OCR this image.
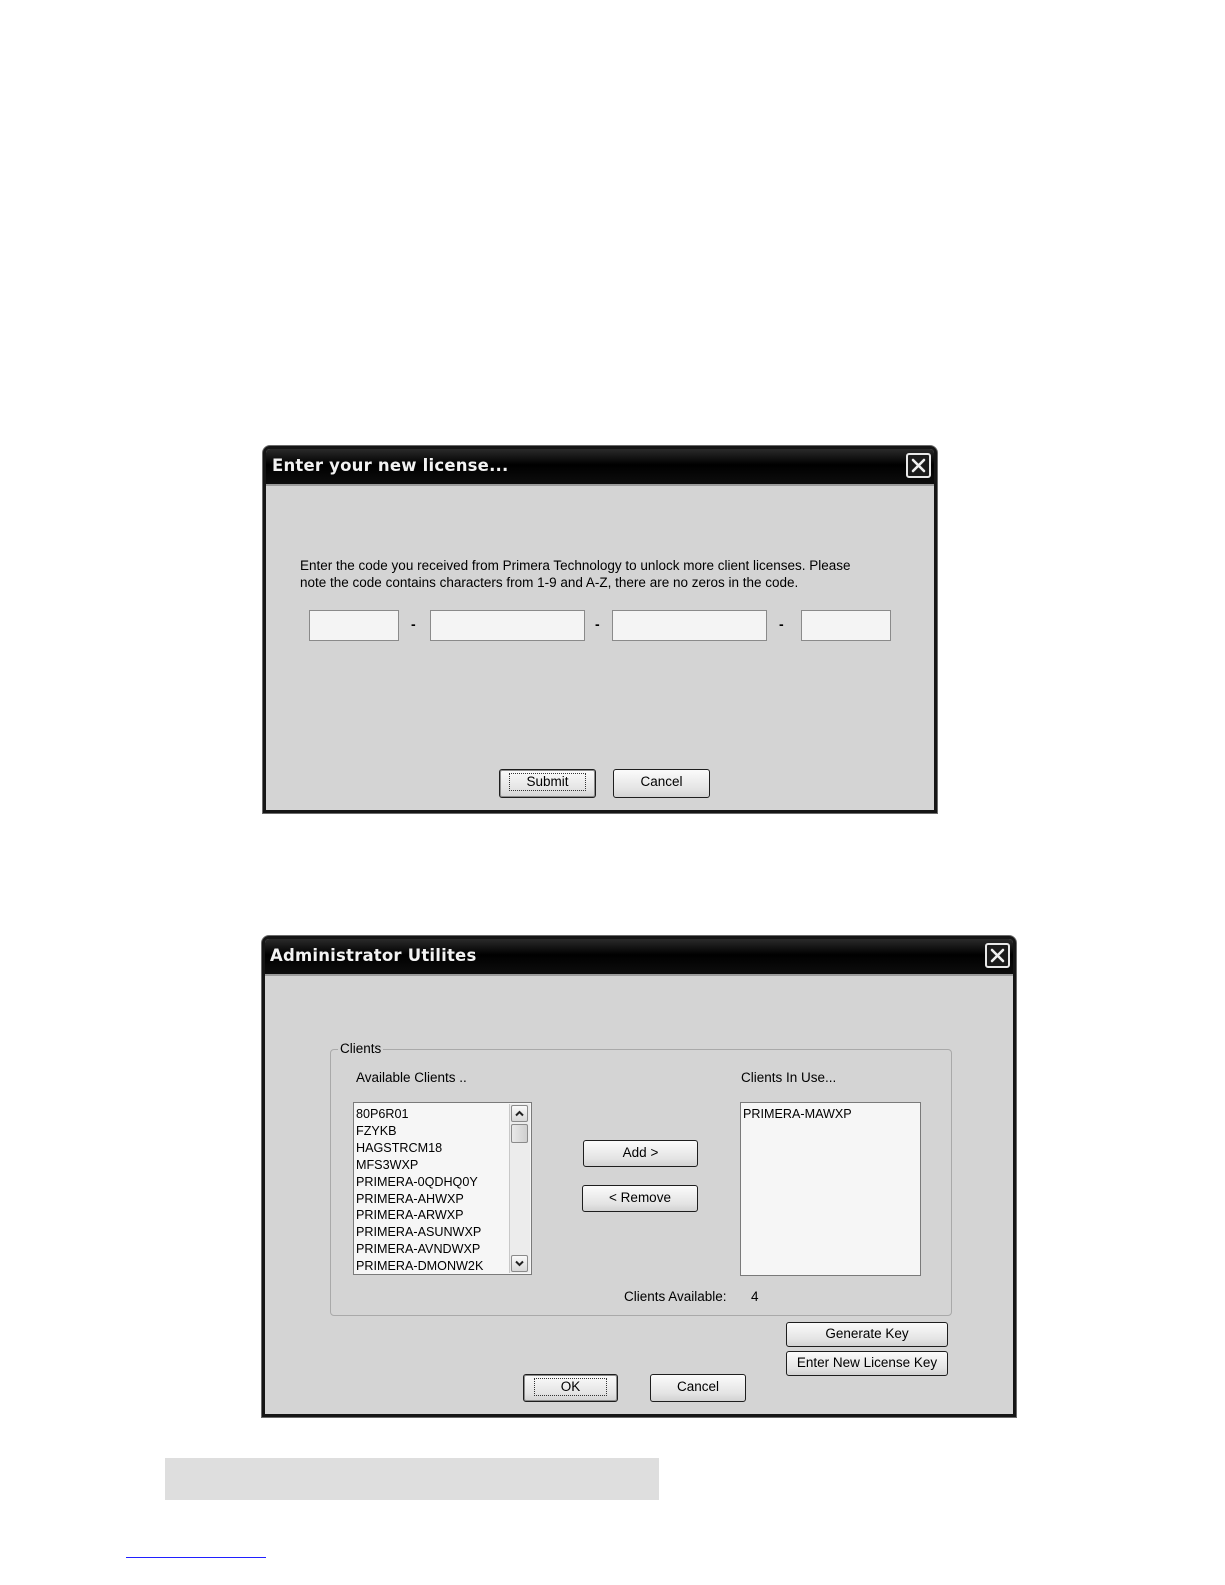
Enter your new license...
Enter the code you received from Primera Technology to unlock more client licenses. Please
note the code contains characters from 1-9 and A-Z, there are no zeros in the code.
-	-	-
Submit	Cancel
Administrator Utilites
Clients
Available Clients ..	Clients In Use...
80P6R01
FZYKB
HAGSTRCM18
MFS3WXP
PRIMERA-0QDHQ0Y
PRIMERA-AHWXP
PRIMERA-ARWXP
PRIMERA-ASUNWXP
PRIMERA-AVNDWXP
PRIMERA-DMONW2K
Add >
< Remove
PRIMERA-MAWXP
Clients Available: 4
Generate Key
Enter New License Key
OK	Cancel
